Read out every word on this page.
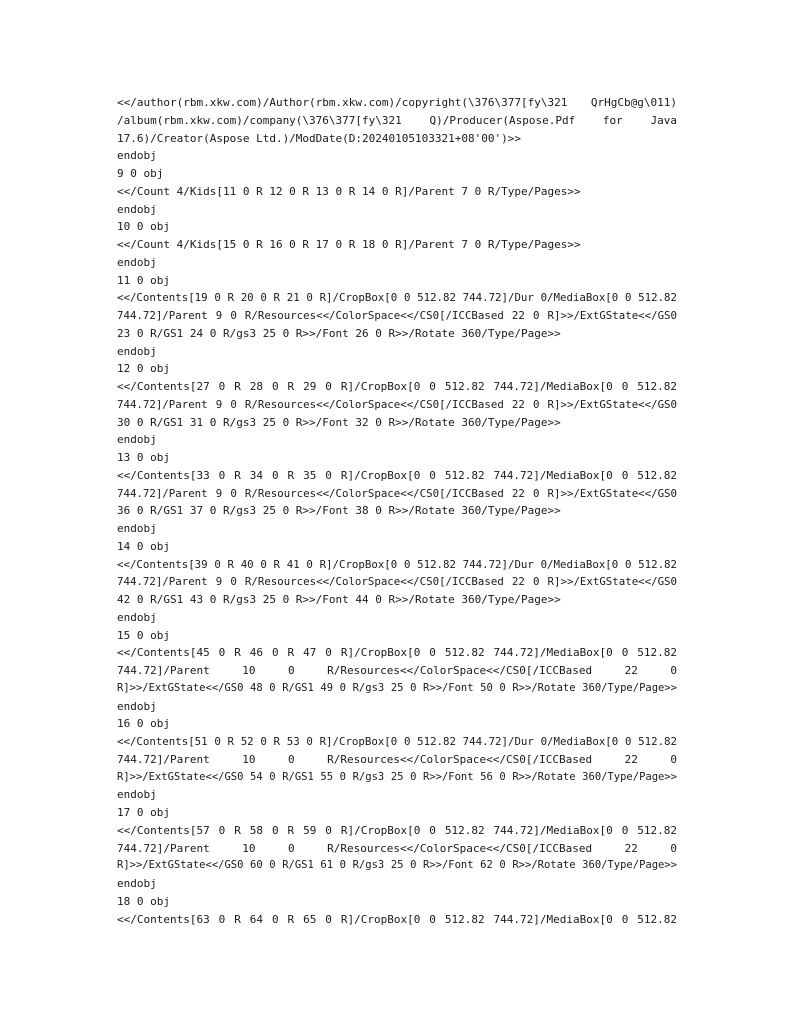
<</author(rbm.xkw.com)/Author(rbm.xkw.com)/copyright(\376\377[fy\321 QrHgCb@g\011)
/album(rbm.xkw.com)/company(\376\377[fy\321 Q)/Producer(Aspose.Pdf for Java
17.6)/Creator(Aspose Ltd.)/ModDate(D:20240105103321+08'00')>>
endobj
9 0 obj
<</Count 4/Kids[11 0 R 12 0 R 13 0 R 14 0 R]/Parent 7 0 R/Type/Pages>>
endobj
10 0 obj
<</Count 4/Kids[15 0 R 16 0 R 17 0 R 18 0 R]/Parent 7 0 R/Type/Pages>>
endobj
11 0 obj
<</Contents[19 0 R 20 0 R 21 0 R]/CropBox[0 0 512.82 744.72]/Dur 0/MediaBox[0 0 512.82
744.72]/Parent 9 0 R/Resources<</ColorSpace<</CS0[/ICCBased 22 0 R]>>/ExtGState<</GS0
23 0 R/GS1 24 0 R/gs3 25 0 R>>/Font 26 0 R>>/Rotate 360/Type/Page>>
endobj
12 0 obj
<</Contents[27 0 R 28 0 R 29 0 R]/CropBox[0 0 512.82 744.72]/MediaBox[0 0 512.82
744.72]/Parent 9 0 R/Resources<</ColorSpace<</CS0[/ICCBased 22 0 R]>>/ExtGState<</GS0
30 0 R/GS1 31 0 R/gs3 25 0 R>>/Font 32 0 R>>/Rotate 360/Type/Page>>
endobj
13 0 obj
<</Contents[33 0 R 34 0 R 35 0 R]/CropBox[0 0 512.82 744.72]/MediaBox[0 0 512.82
744.72]/Parent 9 0 R/Resources<</ColorSpace<</CS0[/ICCBased 22 0 R]>>/ExtGState<</GS0
36 0 R/GS1 37 0 R/gs3 25 0 R>>/Font 38 0 R>>/Rotate 360/Type/Page>>
endobj
14 0 obj
<</Contents[39 0 R 40 0 R 41 0 R]/CropBox[0 0 512.82 744.72]/Dur 0/MediaBox[0 0 512.82
744.72]/Parent 9 0 R/Resources<</ColorSpace<</CS0[/ICCBased 22 0 R]>>/ExtGState<</GS0
42 0 R/GS1 43 0 R/gs3 25 0 R>>/Font 44 0 R>>/Rotate 360/Type/Page>>
endobj
15 0 obj
<</Contents[45 0 R 46 0 R 47 0 R]/CropBox[0 0 512.82 744.72]/MediaBox[0 0 512.82
744.72]/Parent 10 0 R/Resources<</ColorSpace<</CS0[/ICCBased 22 0
R]>>/ExtGState<</GS0 48 0 R/GS1 49 0 R/gs3 25 0 R>>/Font 50 0 R>>/Rotate 360/Type/Page>>
endobj
16 0 obj
<</Contents[51 0 R 52 0 R 53 0 R]/CropBox[0 0 512.82 744.72]/Dur 0/MediaBox[0 0 512.82
744.72]/Parent 10 0 R/Resources<</ColorSpace<</CS0[/ICCBased 22 0
R]>>/ExtGState<</GS0 54 0 R/GS1 55 0 R/gs3 25 0 R>>/Font 56 0 R>>/Rotate 360/Type/Page>>
endobj
17 0 obj
<</Contents[57 0 R 58 0 R 59 0 R]/CropBox[0 0 512.82 744.72]/MediaBox[0 0 512.82
744.72]/Parent 10 0 R/Resources<</ColorSpace<</CS0[/ICCBased 22 0
R]>>/ExtGState<</GS0 60 0 R/GS1 61 0 R/gs3 25 0 R>>/Font 62 0 R>>/Rotate 360/Type/Page>>
endobj
18 0 obj
<</Contents[63 0 R 64 0 R 65 0 R]/CropBox[0 0 512.82 744.72]/MediaBox[0 0 512.82
